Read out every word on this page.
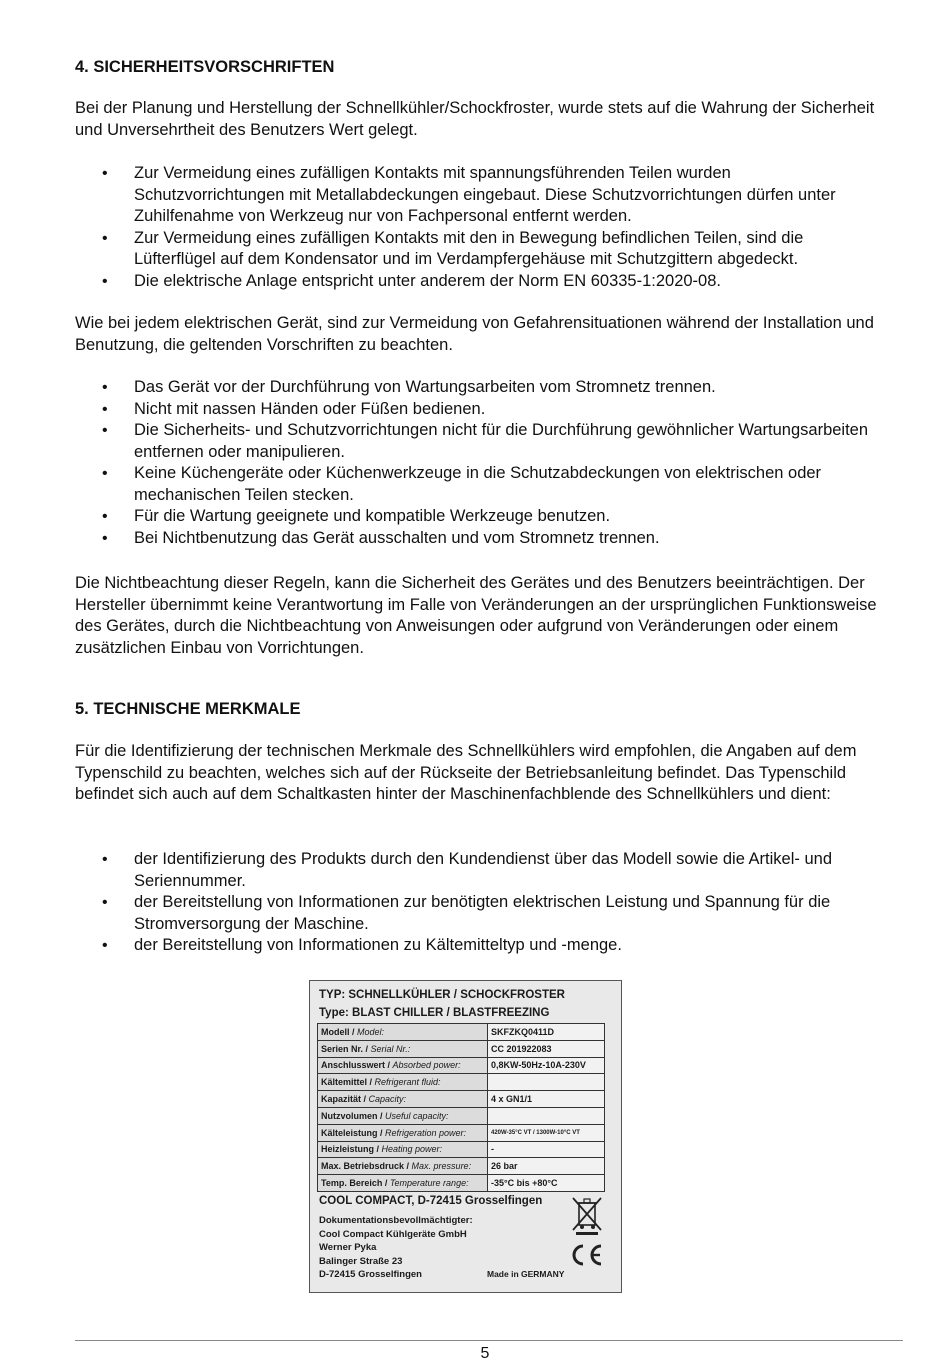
4. SICHERHEITSVORSCHRIFTEN

Bei der Planung und Herstellung der Schnellkühler/Schockfroster, wurde stets auf die Wahrung der Sicherheit und Unversehrtheit des Benutzers Wert gelegt.

• Zur Vermeidung eines zufälligen Kontakts mit spannungsführenden Teilen wurden Schutzvorrichtungen mit Metallabdeckungen eingebaut. Diese Schutzvorrichtungen dürfen unter Zuhilfenahme von Werkzeug nur von Fachpersonal entfernt werden.
• Zur Vermeidung eines zufälligen Kontakts mit den in Bewegung befindlichen Teilen, sind die Lüfterflügel auf dem Kondensator und im Verdampfergehäuse mit Schutzgittern abgedeckt.
• Die elektrische Anlage entspricht unter anderem der Norm EN 60335-1:2020-08.

Wie bei jedem elektrischen Gerät, sind zur Vermeidung von Gefahrensituationen während der Installation und Benutzung, die geltenden Vorschriften zu beachten.

• Das Gerät vor der Durchführung von Wartungsarbeiten vom Stromnetz trennen.
• Nicht mit nassen Händen oder Füßen bedienen.
• Die Sicherheits- und Schutzvorrichtungen nicht für die Durchführung gewöhnlicher Wartungsarbeiten entfernen oder manipulieren.
• Keine Küchengeräte oder Küchenwerkzeuge in die Schutzabdeckungen von elektrischen oder mechanischen Teilen stecken.
• Für die Wartung geeignete und kompatible Werkzeuge benutzen.
• Bei Nichtbenutzung das Gerät ausschalten und vom Stromnetz trennen.

Die Nichtbeachtung dieser Regeln, kann die Sicherheit des Gerätes und des Benutzers beeinträchtigen. Der Hersteller übernimmt keine Verantwortung im Falle von Veränderungen an der ursprünglichen Funktionsweise des Gerätes, durch die Nichtbeachtung von Anweisungen oder aufgrund von Veränderungen oder einem zusätzlichen Einbau von Vorrichtungen.

5. TECHNISCHE MERKMALE

Für die Identifizierung der technischen Merkmale des Schnellkühlers wird empfohlen, die Angaben auf dem Typenschild zu beachten, welches sich auf der Rückseite der Betriebsanleitung befindet. Das Typenschild befindet sich auch auf dem Schaltkasten hinter der Maschinenfachblende des Schnellkühlers und dient:

• der Identifizierung des Produkts durch den Kundendienst über das Modell sowie die Artikel- und Seriennummer.
• der Bereitstellung von Informationen zur benötigten elektrischen Leistung und Spannung für die Stromversorgung der Maschine.
• der Bereitstellung von Informationen zu Kältemitteltyp und -menge.
TYP: SCHNELLKÜHLER / SCHOCKFROSTER
Type: BLAST CHILLER / BLASTFREEZING
Modell / Model:	SKFZKQ0411D
Serien Nr. / Serial Nr.:	CC 201922083
Anschlusswert / Absorbed power:	0,8KW-50Hz-10A-230V
Kältemittel / Refrigerant fluid:	
Kapazität / Capacity:	4 x GN1/1
Nutzvolumen / Useful capacity:	
Kälteleistung / Refrigeration power:	420W-35°C VT / 1300W-10°C VT
Heizleistung / Heating power:	-
Max. Betriebsdruck / Max. pressure:	26 bar
Temp. Bereich / Temperature range:	-35°C bis +80°C
COOL COMPACT, D-72415 Grosselfingen
Dokumentationsbevollmächtigter:
Cool Compact Kühlgeräte GmbH
Werner Pyka
Balinger Straße 23
D-72415 Grosselfingen	Made in GERMANY
5
